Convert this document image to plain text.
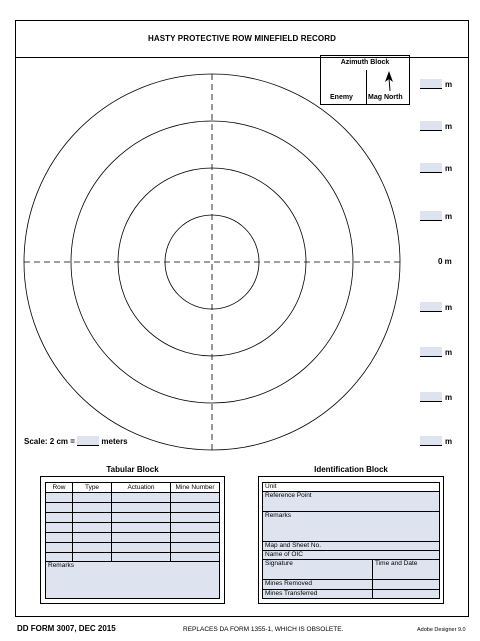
HASTY PROTECTIVE ROW MINEFIELD RECORD
Azimuth Block
Enemy Mag North
m
m
m
m
0 m
m
m
m
m
Scale: 2 cm =	meters
Tabular Block
Row	Type	Actuation	Mine Number

Remarks
Identification Block
Unit
Reference Point
Remarks
Map and Sheet No.
Name of OIC
Signature	Time and Date
Mines Removed
Mines Transferred
DD FORM 3007, DEC 2015	REPLACES DA FORM 1355-1, WHICH IS OBSOLETE.	Adobe Designer 9.0
